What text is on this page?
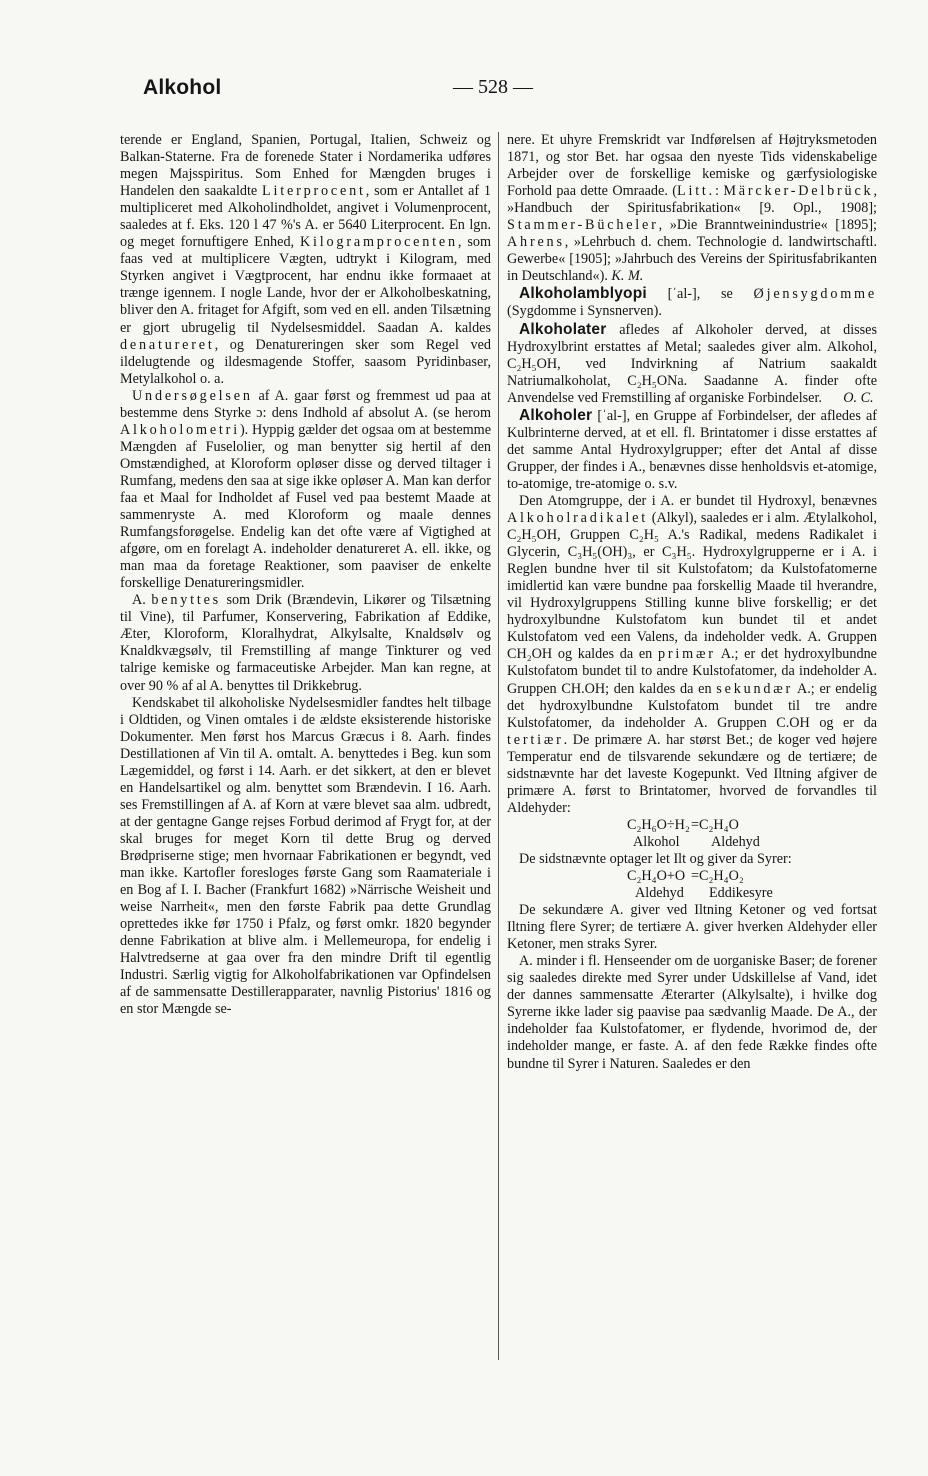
Alkohol	— 528 —

terende er England, Spanien, Portugal, Italien, Schweiz og Balkan-Staterne. Fra de forenede Stater i Nordamerika udføres megen Majsspiritus. Som Enhed for Mængden bruges i Handelen den saakaldte Literprocent, som er Antallet af 1 multipliceret med Alkoholindholdet, angivet i Volumenprocent, saaledes at f. Eks. 120 l 47 %'s A. er 5640 Literprocent. En lgn. og meget fornuftigere Enhed, Kilogramprocenten, som faas ved at multiplicere Vægten, udtrykt i Kilogram, med Styrken angivet i Vægtprocent, har endnu ikke formaaet at trænge igennem. I nogle Lande, hvor der er Alkoholbeskatning, bliver den A. fritaget for Afgift, som ved en ell. anden Tilsætning er gjort ubrugelig til Nydelsesmiddel. Saadan A. kaldes denatureret, og Denatureringen sker som Regel ved ildelugtende og ildesmagende Stoffer, saasom Pyridinbaser, Metylalkohol o. a.

Undersøgelsen af A. gaar først og fremmest ud paa at bestemme dens Styrke ɔ: dens Indhold af absolut A. (se herom Alkoholometri). Hyppig gælder det ogsaa om at bestemme Mængden af Fuselolier, og man benytter sig hertil af den Omstændighed, at Kloroform opløser disse og derved tiltager i Rumfang, medens den saa at sige ikke opløser A. Man kan derfor faa et Maal for Indholdet af Fusel ved paa bestemt Maade at sammenryste A. med Kloroform og maale dennes Rumfangsforøgelse. Endelig kan det ofte være af Vigtighed at afgøre, om en forelagt A. indeholder denatureret A. ell. ikke, og man maa da foretage Reaktioner, som paaviser de enkelte forskellige Denatureringsmidler.

A. benyttes som Drik (Brændevin, Likører og Tilsætning til Vine), til Parfumer, Konservering, Fabrikation af Eddike, Æter, Kloroform, Kloralhydrat, Alkylsalte, Knaldsølv og Knaldkvægsølv, til Fremstilling af mange Tinkturer og ved talrige kemiske og farmaceutiske Arbejder. Man kan regne, at over 90 % af al A. benyttes til Drikkebrug.

Kendskabet til alkoholiske Nydelsesmidler fandtes helt tilbage i Oldtiden, og Vinen omtales i de ældste eksisterende historiske Dokumenter. Men først hos Marcus Græcus i 8. Aarh. findes Destillationen af Vin til A. omtalt. A. benyttedes i Beg. kun som Lægemiddel, og først i 14. Aarh. er det sikkert, at den er blevet en Handelsartikel og alm. benyttet som Brændevin. I 16. Aarh. ses Fremstillingen af A. af Korn at være blevet saa alm. udbredt, at der gentagne Gange rejses Forbud derimod af Frygt for, at der skal bruges for meget Korn til dette Brug og derved Brødpriserne stige; men hvornaar Fabrikationen er begyndt, ved man ikke. Kartofler foresloges første Gang som Raamateriale i en Bog af I. I. Bacher (Frankfurt 1682) »Närrische Weisheit und weise Narrheit«, men den første Fabrik paa dette Grundlag oprettedes ikke før 1750 i Pfalz, og først omkr. 1820 begynder denne Fabrikation at blive alm. i Mellemeuropa, for endelig i Halvtredserne at gaa over fra den mindre Drift til egentlig Industri. Særlig vigtig for Alkoholfabrikationen var Opfindelsen af de sammensatte Destillerapparater, navnlig Pistorius' 1816 og en stor Mængde se-

nere. Et uhyre Fremskridt var Indførelsen af Højtryksmetoden 1871, og stor Bet. har ogsaa den nyeste Tids videnskabelige Arbejder over de forskellige kemiske og gærfysiologiske Forhold paa dette Omraade. (Litt.: Märcker-Delbrück, »Handbuch der Spiritusfabrikation« [9. Opl., 1908]; Stammer-Bücheler, »Die Branntweinindustrie« [1895]; Ahrens, »Lehrbuch d. chem. Technologie d. landwirtschaftl. Gewerbe« [1905]; »Jahrbuch des Vereins der Spiritusfabrikanten in Deutschland«). K. M.

Alkoholamblyopi [ˈal-], se Øjensygdomme (Sygdomme i Synsnerven).

Alkoholater afledes af Alkoholer derved, at disses Hydroxylbrint erstattes af Metal; saaledes giver alm. Alkohol, C₂H₅OH, ved Indvirkning af Natrium saakaldt Natriumalkoholat, C₂H₅ONa. Saadanne A. finder ofte Anvendelse ved Fremstilling af organiske Forbindelser. O. C.

Alkoholer [ˈal-], en Gruppe af Forbindelser, der afledes af Kulbrinterne derved, at et ell. fl. Brintatomer i disse erstattes af det samme Antal Hydroxylgrupper; efter det Antal af disse Grupper, der findes i A., benævnes disse henholdsvis et-atomige, to-atomige, tre-atomige o. s.v.

Den Atomgruppe, der i A. er bundet til Hydroxyl, benævnes Alkoholradikalet (Alkyl), saaledes er i alm. Ætylalkohol, C₂H₅OH, Gruppen C₂H₅ A.'s Radikal, medens Radikalet i Glycerin, C₃H₅(OH)₃, er C₃H₅. Hydroxylgrupperne er i A. i Reglen bundne hver til sit Kulstofatom; da Kulstofatomerne imidlertid kan være bundne paa forskellig Maade til hverandre, vil Hydroxylgruppens Stilling kunne blive forskellig; er det hydroxylbundne Kulstofatom kun bundet til et andet Kulstofatom ved een Valens, da indeholder vedk. A. Gruppen CH₂OH og kaldes da en primær A.; er det hydroxylbundne Kulstofatom bundet til to andre Kulstofatomer, da indeholder A. Gruppen CH.OH; den kaldes da en sekundær A.; er endelig det hydroxylbundne Kulstofatom bundet til tre andre Kulstofatomer, da indeholder A. Gruppen C.OH og er da tertiær. De primære A. har størst Bet.; de koger ved højere Temperatur end de tilsvarende sekundære og de tertiære; de sidstnævnte har det laveste Kogepunkt. Ved Iltning afgiver de primære A. først to Brintatomer, hvorved de forvandles til Aldehyder:

C₂H₆O÷H₂=C₂H₄O

Alkohol Aldehyd

De sidstnævnte optager let Ilt og giver da Syrer:

C₂H₄O+O =C₂H₄O₂

Aldehyd Eddikesyre

De sekundære A. giver ved Iltning Ketoner og ved fortsat Iltning flere Syrer; de tertiære A. giver hverken Aldehyder eller Ketoner, men straks Syrer.

A. minder i fl. Henseender om de uorganiske Baser; de forener sig saaledes direkte med Syrer under Udskillelse af Vand, idet der dannes sammensatte Æterarter (Alkylsalte), i hvilke dog Syrerne ikke lader sig paavise paa sædvanlig Maade. De A., der indeholder faa Kulstofatomer, er flydende, hvorimod de, der indeholder mange, er faste. A. af den fede Række findes ofte bundne til Syrer i Naturen. Saaledes er den
